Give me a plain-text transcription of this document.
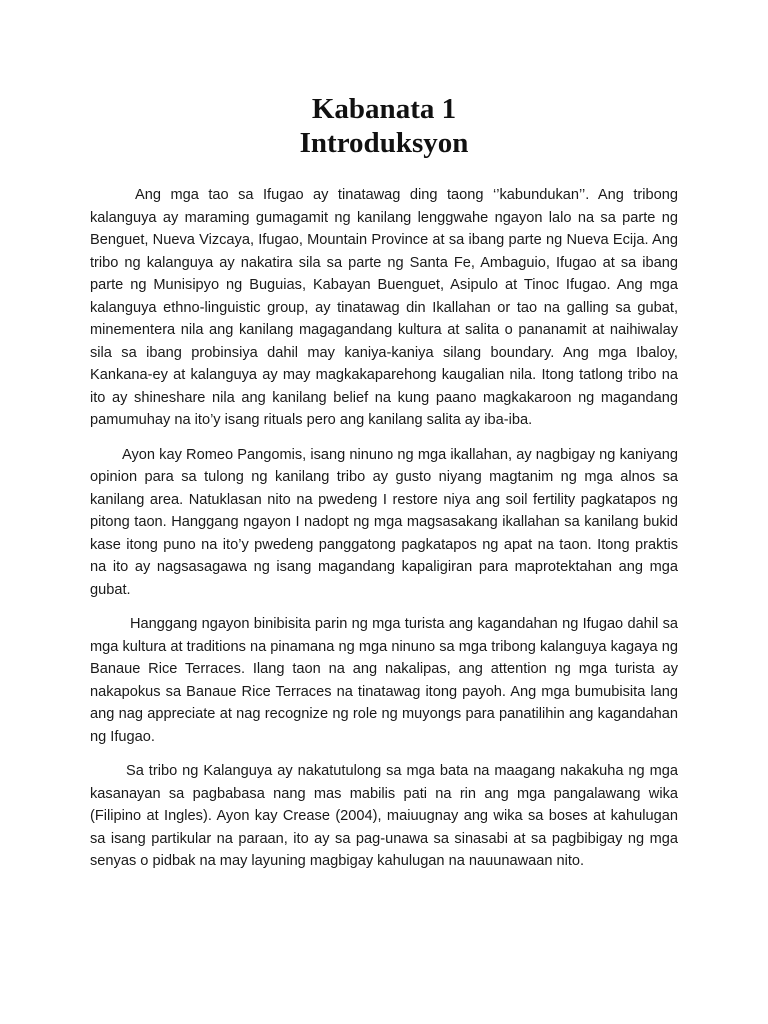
Kabanata 1
Introduksyon

Ang mga tao sa Ifugao ay tinatawag ding taong ‘’kabundukan’’. Ang tribong kalanguya ay maraming gumagamit ng kanilang lenggwahe ngayon lalo na sa parte ng Benguet, Nueva Vizcaya, Ifugao, Mountain Province at sa ibang parte ng Nueva Ecija. Ang tribo ng kalanguya ay nakatira sila sa parte ng Santa Fe, Ambaguio, Ifugao at sa ibang parte ng Munisipyo ng Buguias, Kabayan Buenguet, Asipulo at Tinoc Ifugao. Ang mga kalanguya ethno-linguistic group, ay tinatawag din Ikallahan or tao na galling sa gubat, minementera nila ang kanilang magagandang kultura at salita o pananamit at naihiwalay sila sa ibang probinsiya dahil may kaniya-kaniya silang boundary. Ang mga Ibaloy, Kankana-ey at kalanguya ay may magkakaparehong kaugalian nila. Itong tatlong tribo na ito ay shineshare nila ang kanilang belief na kung paano magkakaroon ng magandang pamumuhay na ito’y isang rituals pero ang kanilang salita ay iba-iba.

Ayon kay Romeo Pangomis, isang ninuno ng mga ikallahan, ay nagbigay ng kaniyang opinion para sa tulong ng kanilang tribo ay gusto niyang magtanim ng mga alnos sa kanilang area. Natuklasan nito na pwedeng I restore niya ang soil fertility pagkatapos ng pitong taon. Hanggang ngayon I nadopt ng mga magsasakang ikallahan sa kanilang bukid kase itong puno na ito’y pwedeng panggatong pagkatapos ng apat na taon. Itong praktis na ito ay nagsasagawa ng isang magandang kapaligiran para maprotektahan ang mga gubat.

Hanggang ngayon binibisita parin ng mga turista ang kagandahan ng Ifugao dahil sa mga kultura at traditions na pinamana ng mga ninuno sa mga tribong kalanguya kagaya ng Banaue Rice Terraces. Ilang taon na ang nakalipas, ang attention ng mga turista ay nakapokus sa Banaue Rice Terraces na tinatawag itong payoh. Ang mga bumubisita lang ang nag appreciate at nag recognize ng role ng muyongs para panatilihin ang kagandahan ng Ifugao.

Sa tribo ng Kalanguya ay nakatutulong sa mga bata na maagang nakakuha ng mga kasanayan sa pagbabasa nang mas mabilis pati na rin ang mga pangalawang wika (Filipino at Ingles). Ayon kay Crease (2004), maiuugnay ang wika sa boses at kahulugan sa isang partikular na paraan, ito ay sa pag-unawa sa sinasabi at sa pagbibigay ng mga senyas o pidbak na may layuning magbigay kahulugan na nauunawaan nito.
